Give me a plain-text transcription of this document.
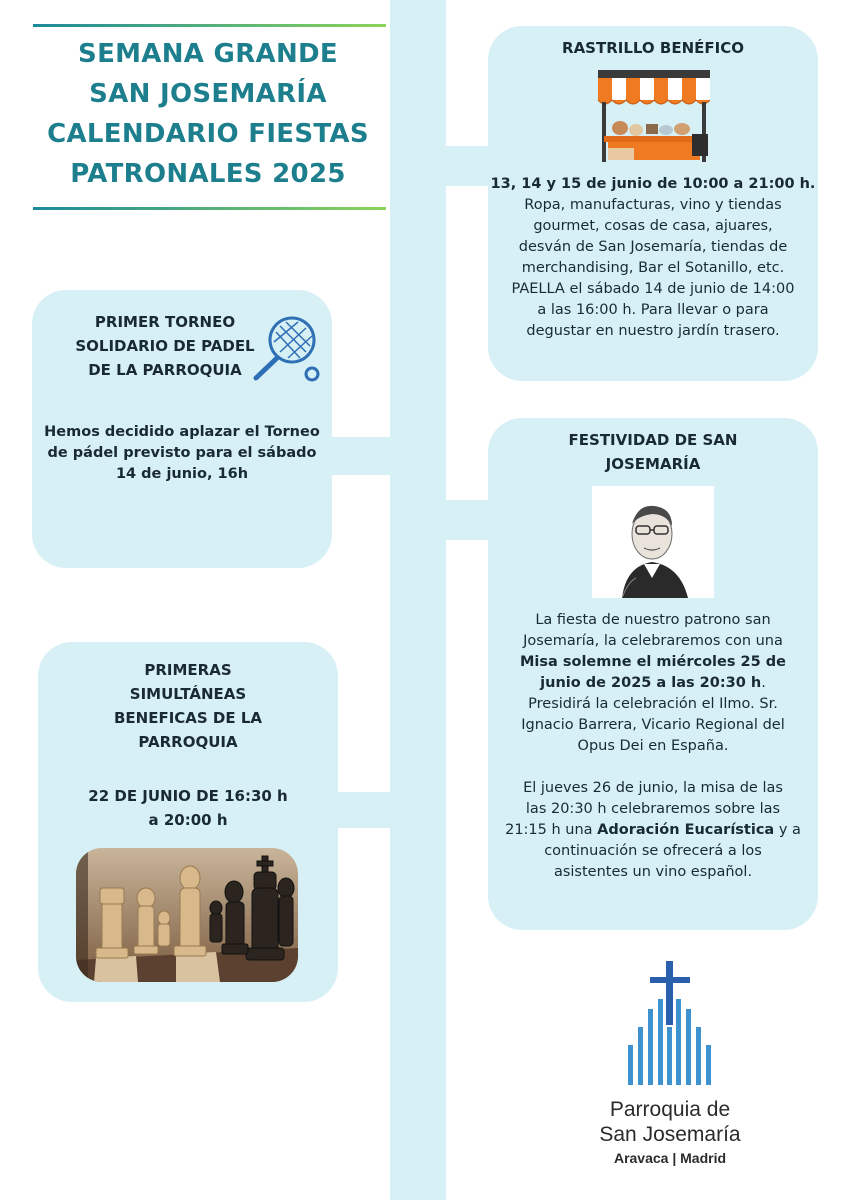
SEMANA GRANDE
SAN JOSEMARÍA
CALENDARIO FIESTAS
PATRONALES 2025
RASTRILLO BENÉFICO
13, 14 y 15 de junio de 10:00 a 21:00 h.
Ropa, manufacturas, vino y tiendas
gourmet, cosas de casa, ajuares,
desván de San Josemaría, tiendas de
merchandising, Bar el Sotanillo, etc.
PAELLA el sábado 14 de junio de 14:00
a las 16:00 h. Para llevar o para
degustar en nuestro jardín trasero.
PRIMER TORNEO
SOLIDARIO DE PADEL
DE LA PARROQUIA
Hemos decidido aplazar el Torneo
de pádel previsto para el sábado
14 de junio, 16h
FESTIVIDAD DE SAN
JOSEMARÍA
La fiesta de nuestro patrono san
Josemaría, la celebraremos con una
Misa solemne el miércoles 25 de
junio de 2025 a las 20:30 h.
Presidirá la celebración el Ilmo. Sr.
Ignacio Barrera, Vicario Regional del
Opus Dei en España.
El jueves 26 de junio, la misa de las
las 20:30 h celebraremos sobre las
21:15 h una Adoración Eucarística y a
continuación se ofrecerá a los
asistentes un vino español.
PRIMERAS
SIMULTÁNEAS
BENEFICAS DE LA
PARROQUIA
22 DE JUNIO DE 16:30 h
a 20:00 h
Parroquia de
San Josemaría
Aravaca | Madrid
